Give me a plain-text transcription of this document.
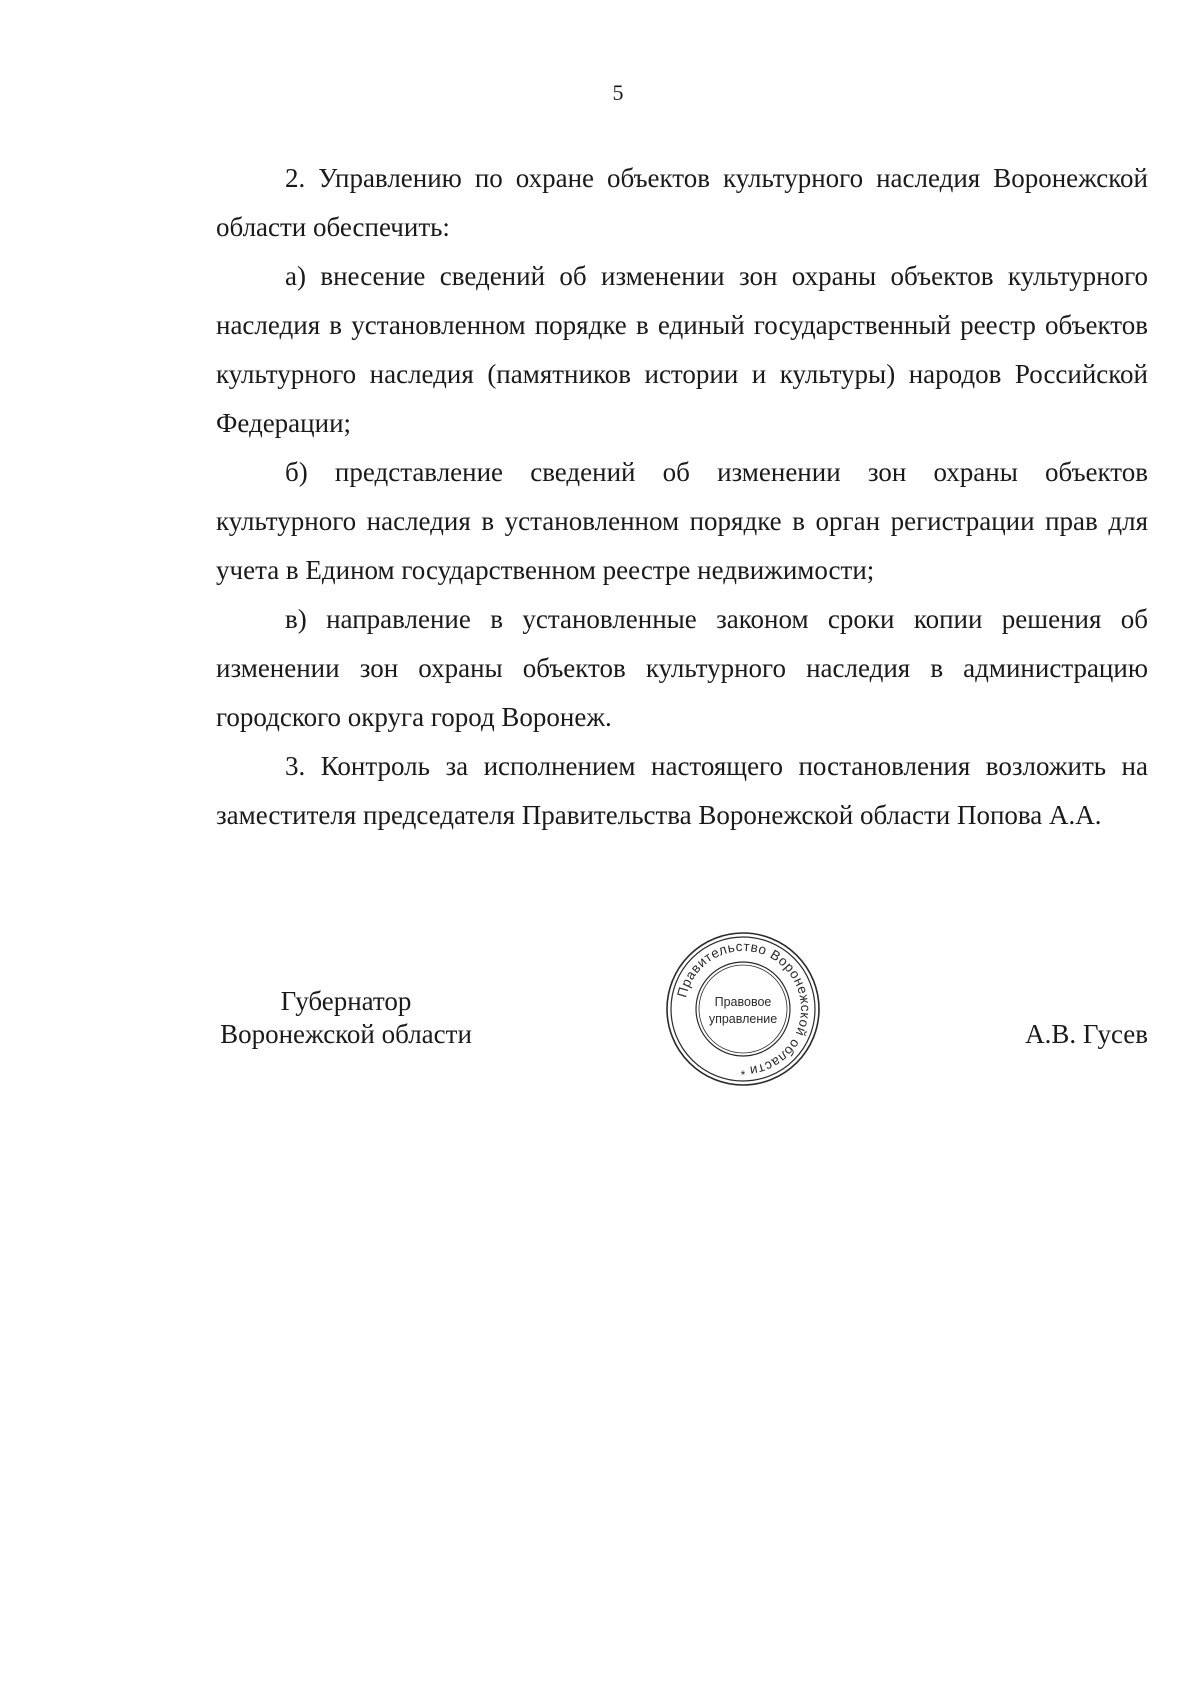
5

2. Управлению по охране объектов культурного наследия Воронежской области обеспечить:

а) внесение сведений об изменении зон охраны объектов культурного наследия в установленном порядке в единый государственный реестр объектов культурного наследия (памятников истории и культуры) народов Российской Федерации;

б) представление сведений об изменении зон охраны объектов культурного наследия в установленном порядке в орган регистрации прав для учета в Едином государственном реестре недвижимости;

в) направление в установленные законом сроки копии решения об изменении зон охраны объектов культурного наследия в администрацию городского округа город Воронеж.

3. Контроль за исполнением настоящего постановления возложить на заместителя председателя Правительства Воронежской области Попова А.А.

Губернатор
Воронежской области	А.В. Гусев
Правительство Воронежской области
Правовое
управление
*
